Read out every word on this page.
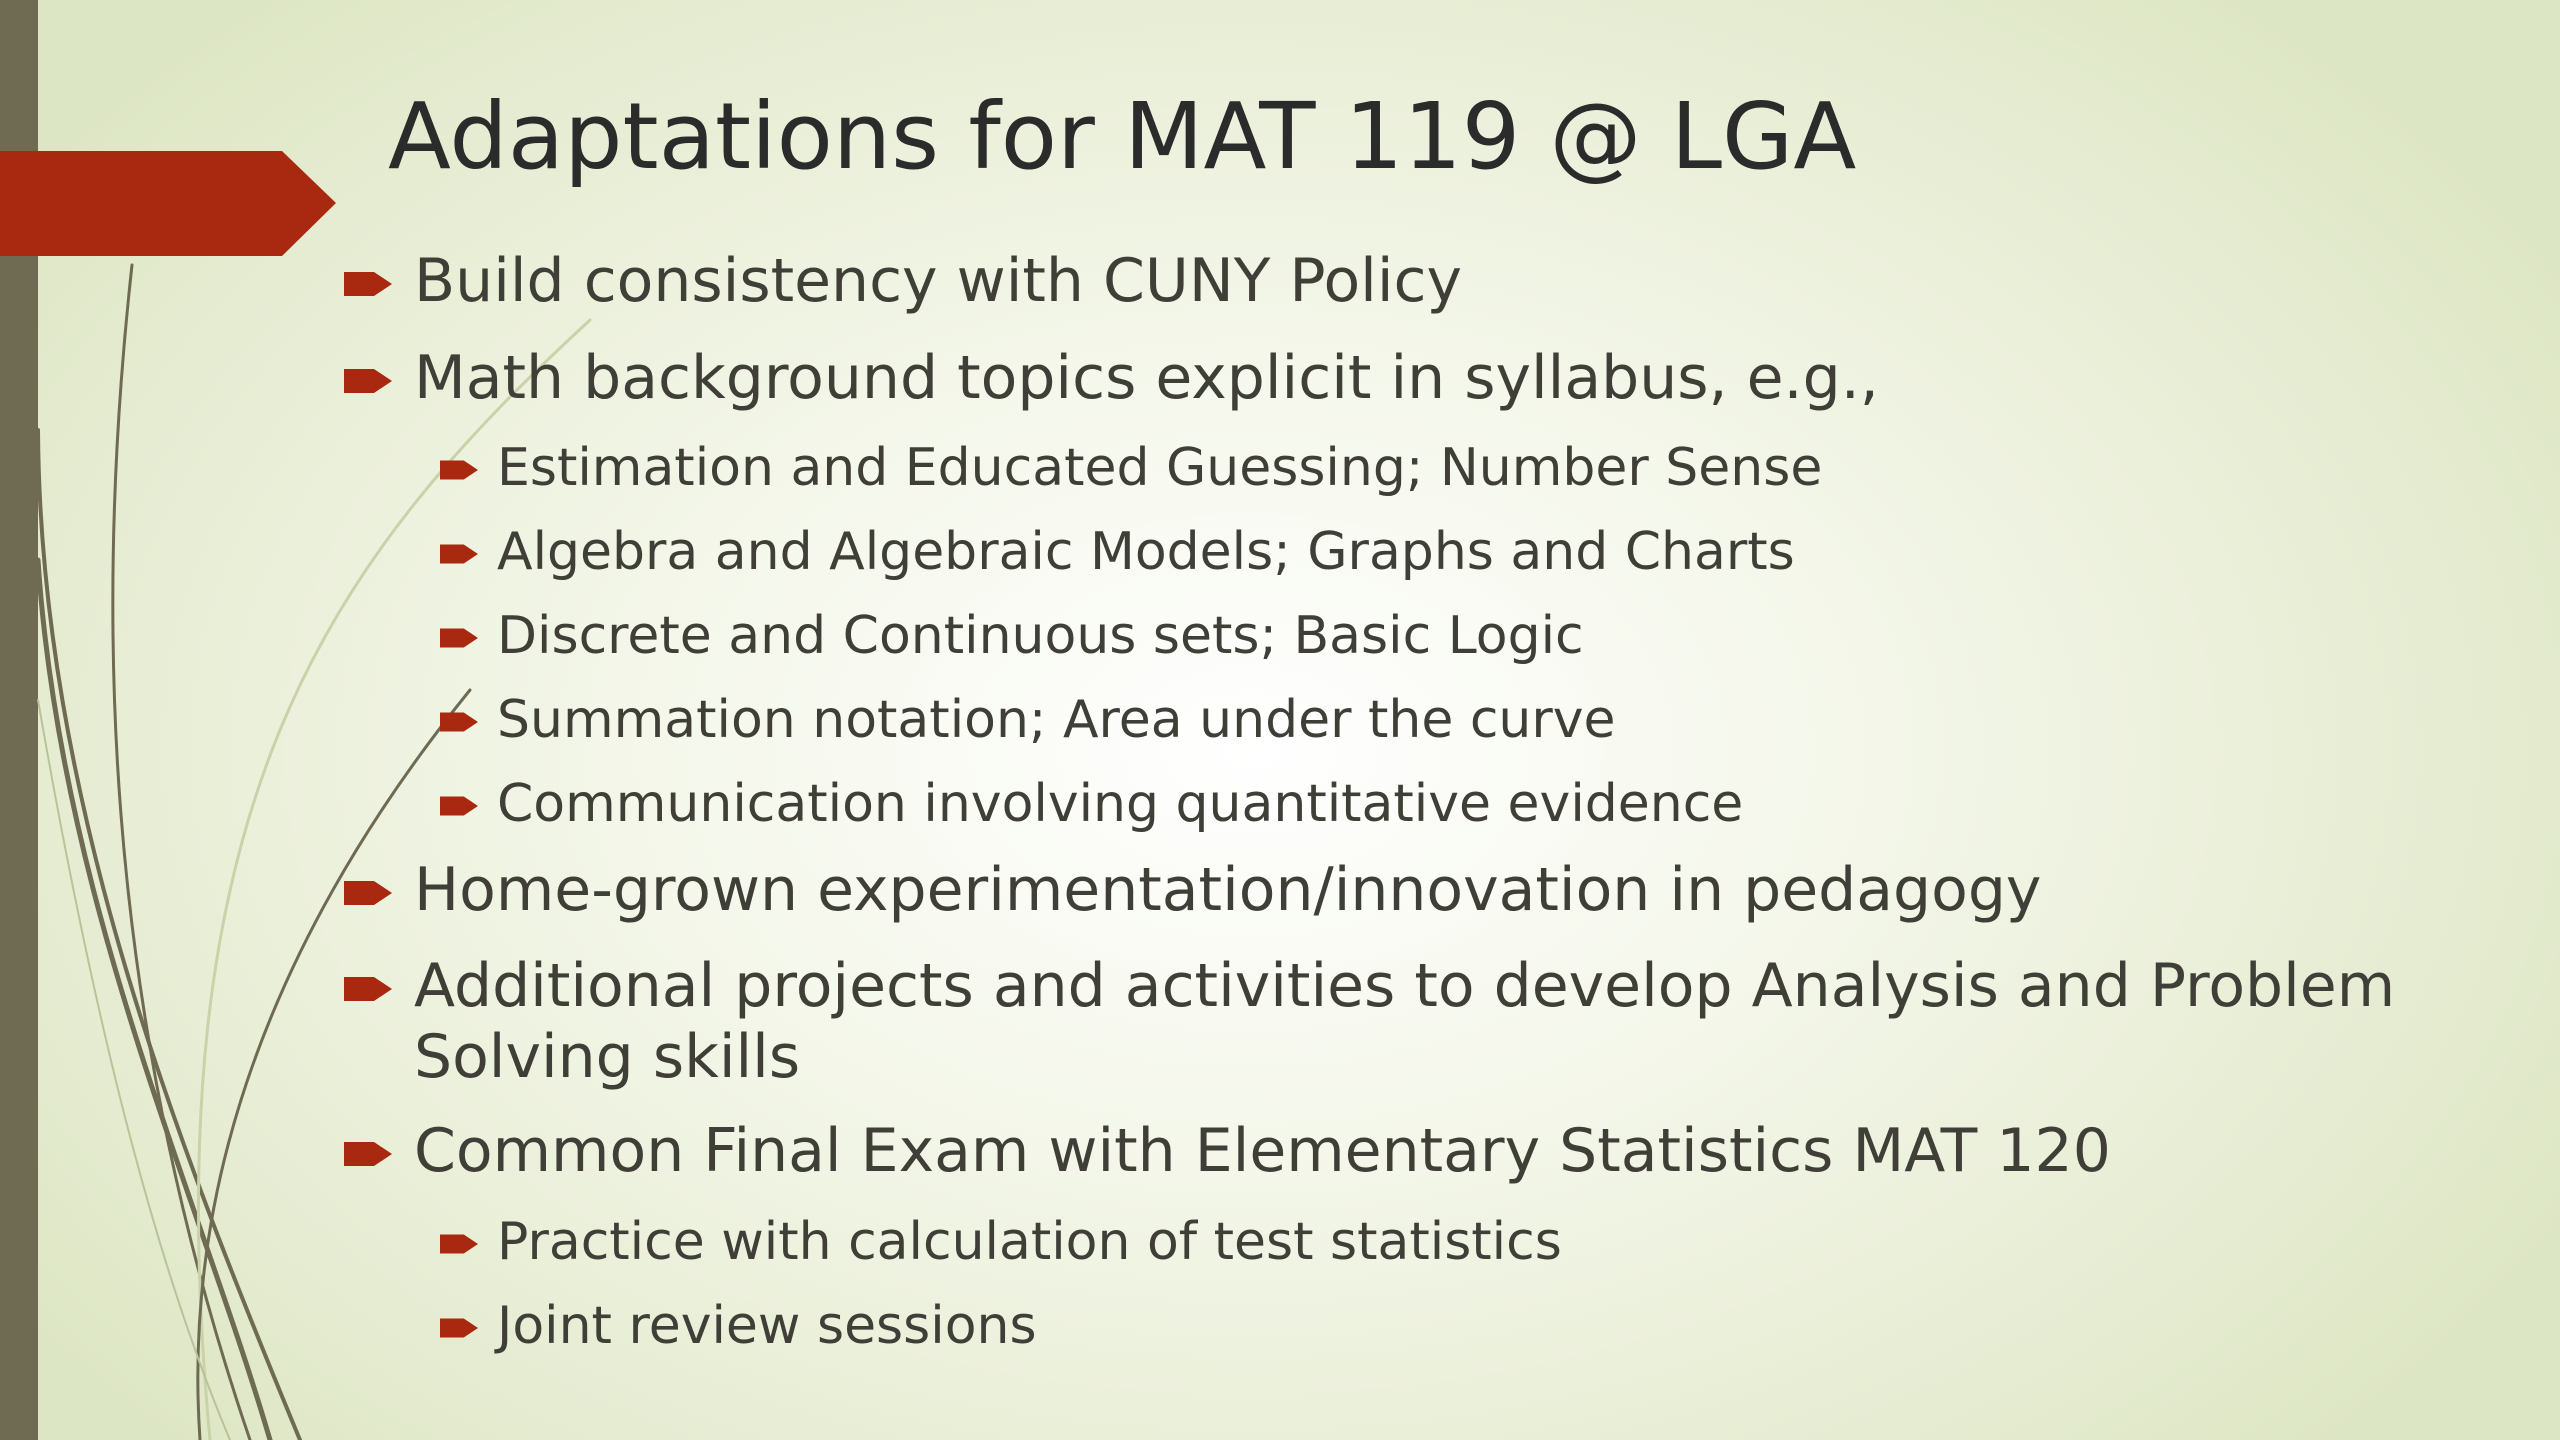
Adaptations for MAT 119 @ LGA
Build consistency with CUNY Policy
Math background topics explicit in syllabus, e.g.,
Estimation and Educated Guessing; Number Sense
Algebra and Algebraic Models; Graphs and Charts
Discrete and Continuous sets; Basic Logic
Summation notation; Area under the curve
Communication involving quantitative evidence
Home-grown experimentation/innovation in pedagogy
Additional projects and activities to develop Analysis and Problem Solving skills
Common Final Exam with Elementary Statistics MAT 120
Practice with calculation of test statistics
Joint review sessions
